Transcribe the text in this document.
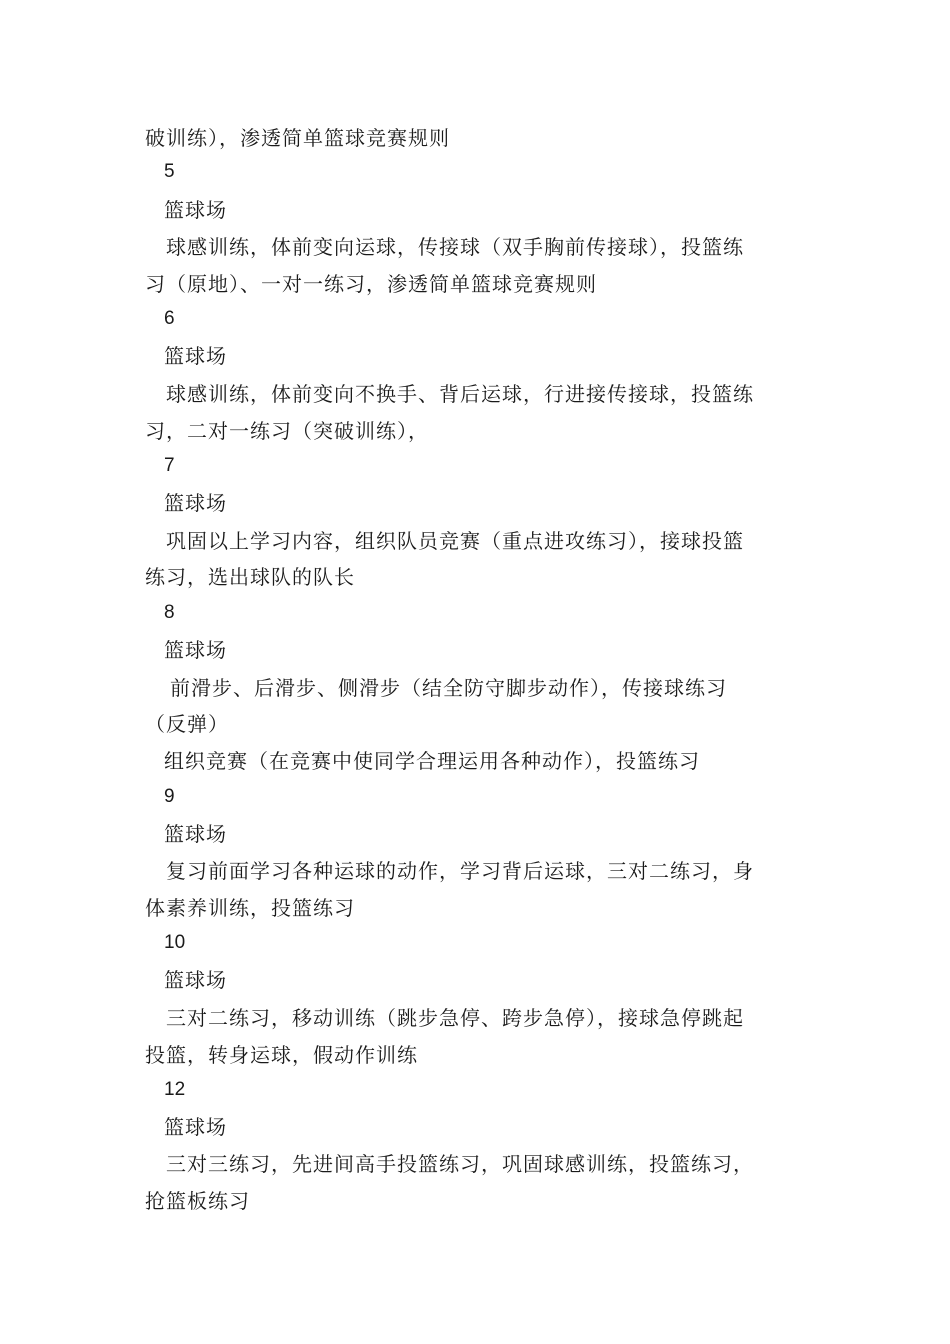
破训练），渗透简单篮球竞赛规则
5
篮球场
球感训练，体前变向运球，传接球（双手胸前传接球），投篮练
习（原地）、一对一练习，渗透简单篮球竞赛规则
6
篮球场
球感训练，体前变向不换手、背后运球，行进接传接球，投篮练
习，二对一练习（突破训练），
7
篮球场
巩固以上学习内容，组织队员竞赛（重点进攻练习），接球投篮
练习，选出球队的队长
8
篮球场
前滑步、后滑步、侧滑步（结全防守脚步动作），传接球练习
（反弹）
组织竞赛（在竞赛中使同学合理运用各种动作），投篮练习
9
篮球场
复习前面学习各种运球的动作，学习背后运球，三对二练习，身
体素养训练，投篮练习
10
篮球场
三对二练习，移动训练（跳步急停、跨步急停），接球急停跳起
投篮，转身运球，假动作训练
12
篮球场
三对三练习，先进间高手投篮练习，巩固球感训练，投篮练习，
抢篮板练习
